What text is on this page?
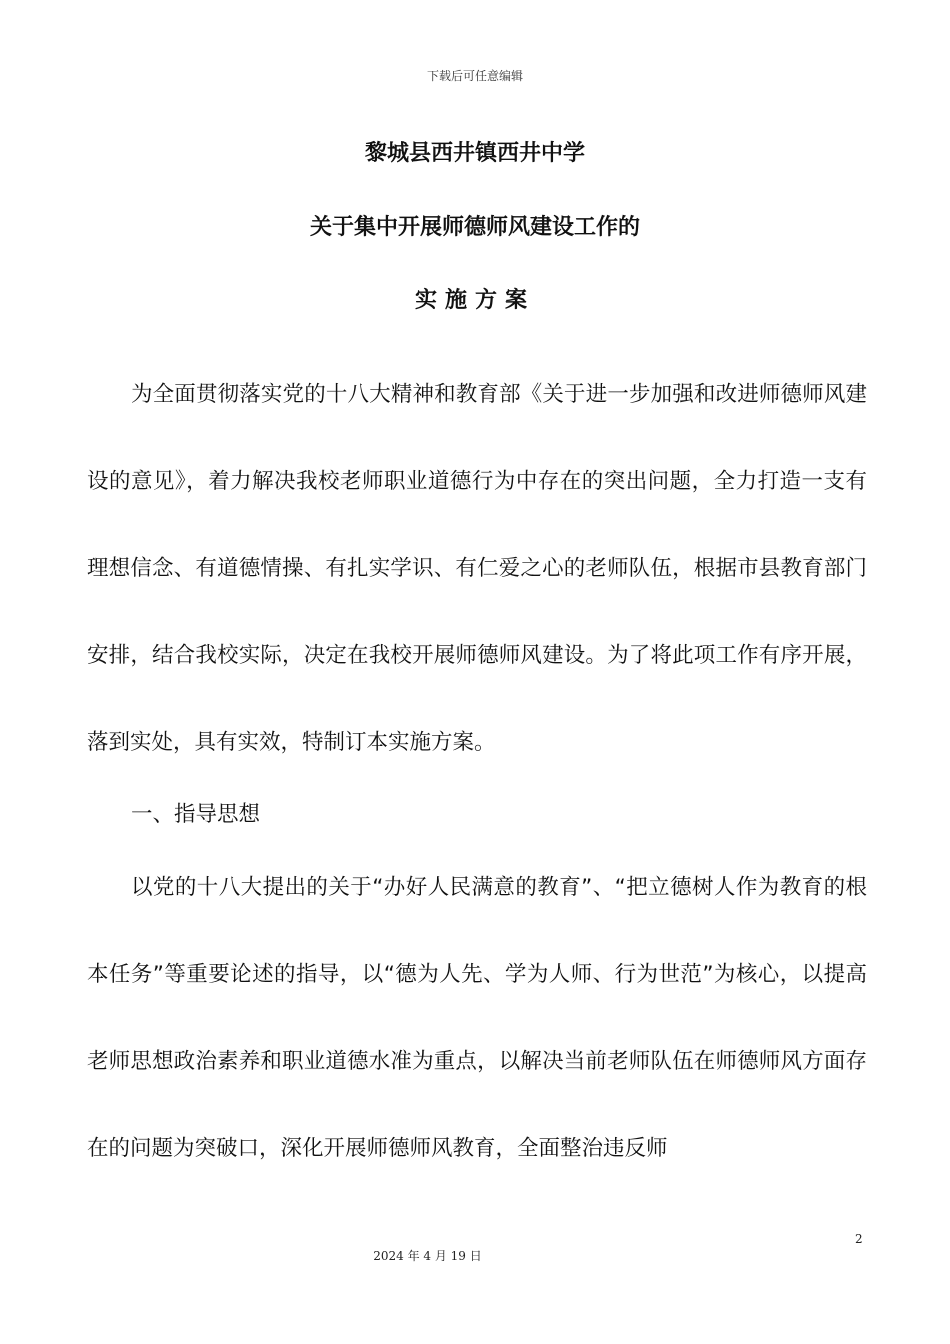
下载后可任意编辑
黎城县西井镇西井中学
关于集中开展师德师风建设工作的
实施方案
为全面贯彻落实党的十八大精神和教育部《关于进一步加强和改进师德师风建设的意见》，着力解决我校老师职业道德行为中存在的突出问题，全力打造一支有理想信念、有道德情操、有扎实学识、有仁爱之心的老师队伍，根据市县教育部门安排，结合我校实际，决定在我校开展师德师风建设。为了将此项工作有序开展，落到实处，具有实效，特制订本实施方案。
一、指导思想
以党的十八大提出的关于“办好人民满意的教育”、“把立德树人作为教育的根本任务”等重要论述的指导，以“德为人先、学为人师、行为世范”为核心，以提高老师思想政治素养和职业道德水准为重点，以解决当前老师队伍在师德师风方面存在的问题为突破口，深化开展师德师风教育，全面整治违反师
2
2024 年 4 月 19 日
